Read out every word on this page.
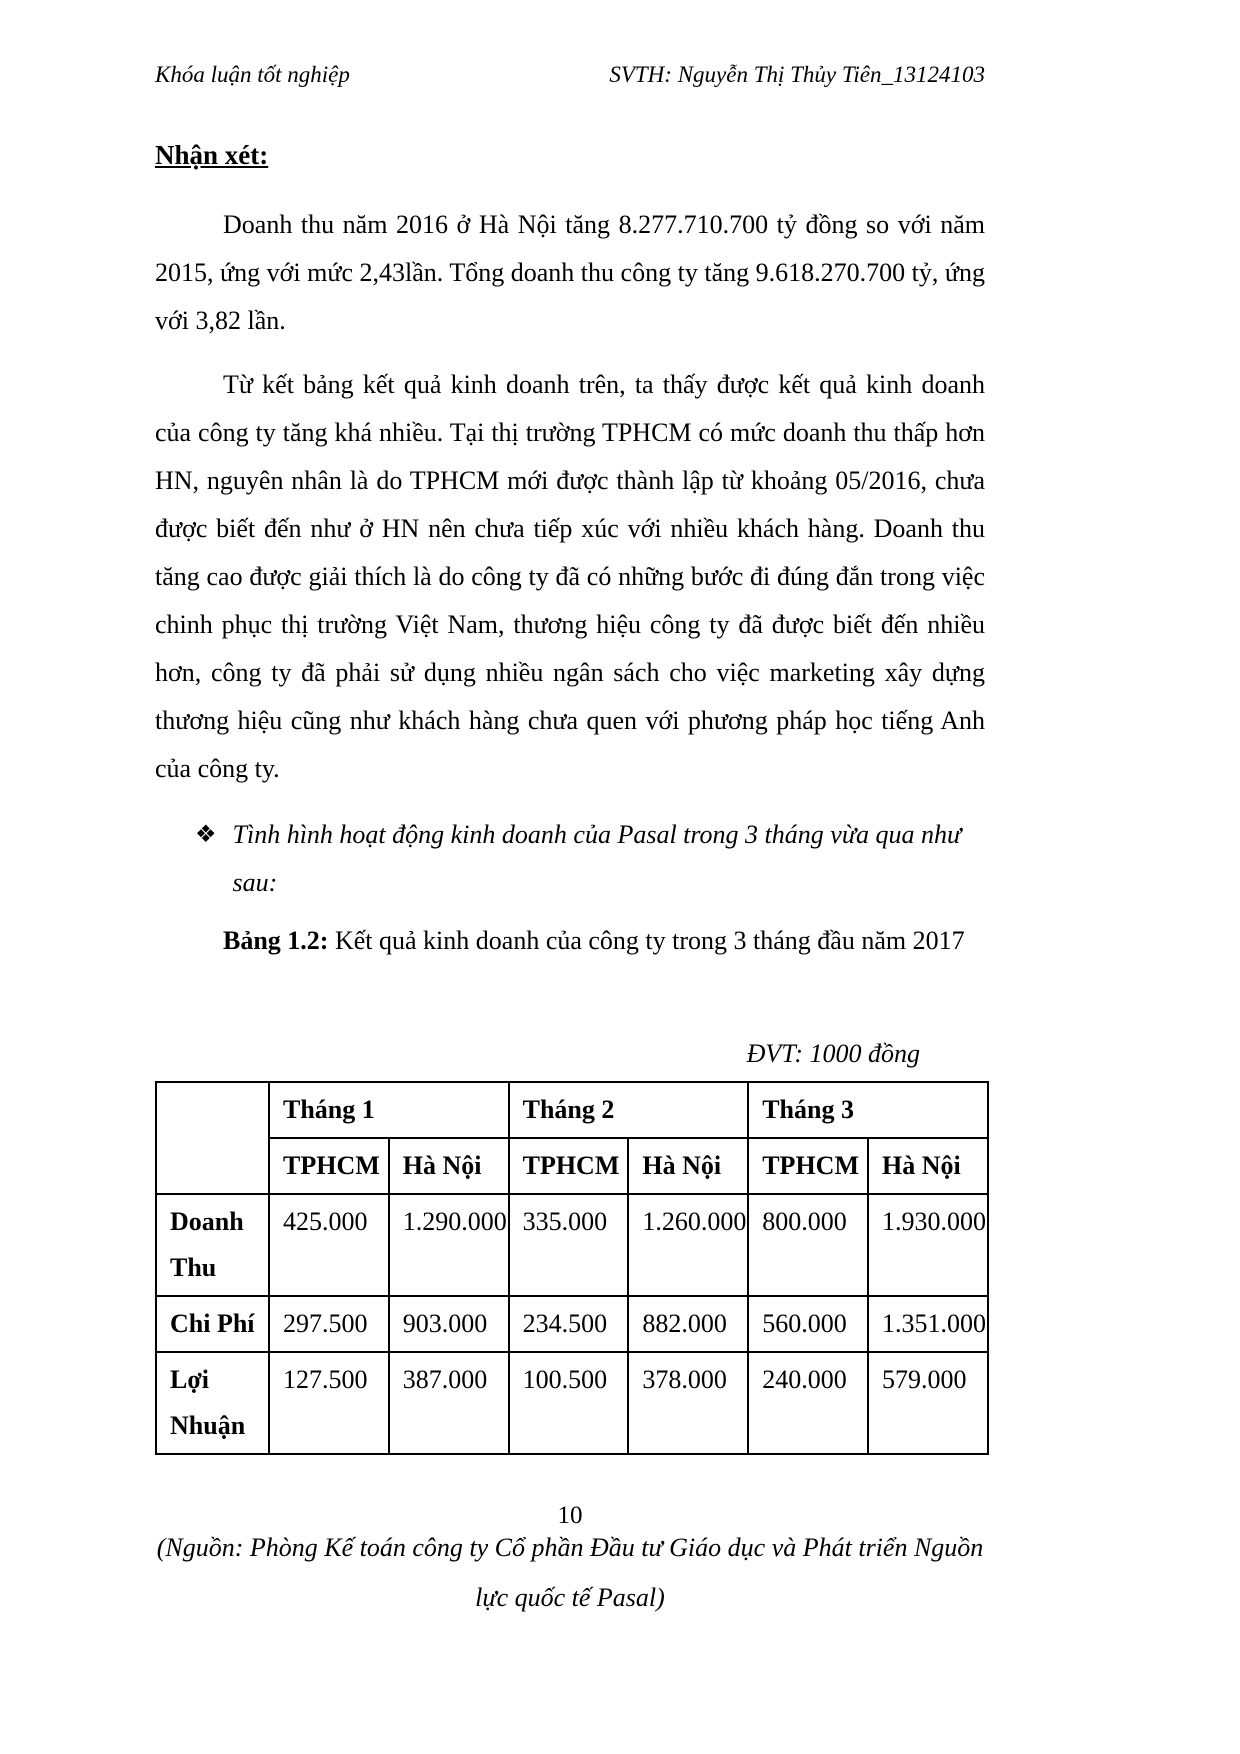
Khóa luận tốt nghiệp	SVTH: Nguyễn Thị Thủy Tiên_13124103
Nhận xét:

Doanh thu năm 2016 ở Hà Nội tăng 8.277.710.700 tỷ đồng so với năm 2015, ứng với mức 2,43lần. Tổng doanh thu công ty tăng 9.618.270.700 tỷ, ứng với 3,82 lần.

Từ kết bảng kết quả kinh doanh trên, ta thấy được kết quả kinh doanh của công ty tăng khá nhiều. Tại thị trường TPHCM có mức doanh thu thấp hơn HN, nguyên nhân là do TPHCM mới được thành lập từ khoảng 05/2016, chưa được biết đến như ở HN nên chưa tiếp xúc với nhiều khách hàng. Doanh thu tăng cao được giải thích là do công ty đã có những bước đi đúng đắn trong việc chinh phục thị trường Việt Nam, thương hiệu công ty đã được biết đến nhiều hơn, công ty đã phải sử dụng nhiều ngân sách cho việc marketing xây dựng thương hiệu cũng như khách hàng chưa quen với phương pháp học tiếng Anh của công ty.

❖ Tình hình hoạt động kinh doanh của Pasal trong 3 tháng vừa qua như sau:
Bảng 1.2: Kết quả kinh doanh của công ty trong 3 tháng đầu năm 2017
ĐVT: 1000 đồng
	Tháng 1		Tháng 2		Tháng 3	
	TPHCM	Hà Nội	TPHCM	Hà Nội	TPHCM	Hà Nội
Doanh Thu	425.000	1.290.000	335.000	1.260.000	800.000	1.930.000
Chi Phí	297.500	903.000	234.500	882.000	560.000	1.351.000
Lợi Nhuận	127.500	387.000	100.500	378.000	240.000	579.000
(Nguồn: Phòng Kế toán công ty Cổ phần Đầu tư Giáo dục và Phát triển Nguồn lực quốc tế Pasal)
10
